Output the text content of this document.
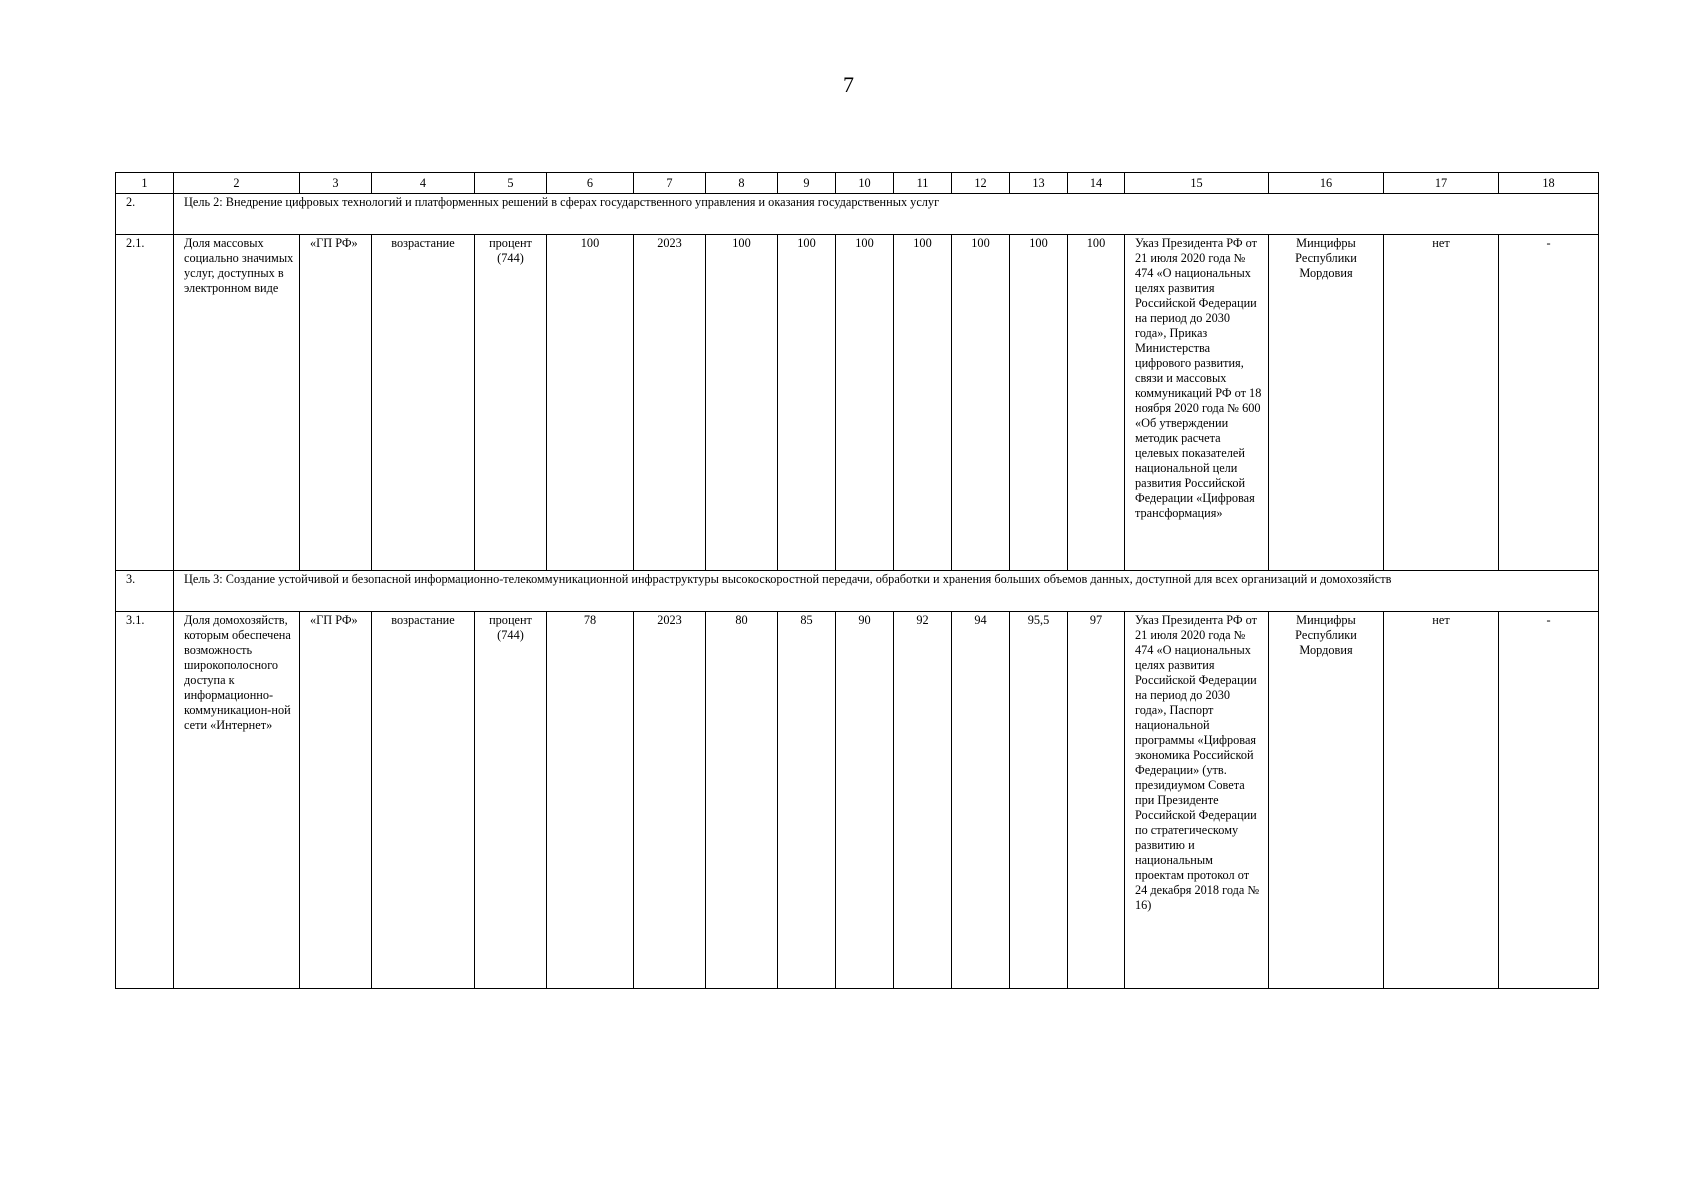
7
1	2	3	4	5	6	7	8	9	10	11	12	13	14	15	16	17	18
2.	Цель 2: Внедрение цифровых технологий и платформенных решений в сферах государственного управления и оказания государственных услуг																
2.1.	Доля массовых социально значимых услуг, доступных в электронном виде	«ГП РФ»	возрастание	процент (744)	100	2023	100	100	100	100	100	100	100	Указ Президента РФ от 21 июля 2020 года № 474 «О национальных целях развития Российской Федерации на период до 2030 года», Приказ Министерства цифрового развития, связи и массовых коммуникаций РФ от 18 ноября 2020 года № 600 «Об утверждении методик расчета целевых показателей национальной цели развития Российской Федерации «Цифровая трансформация»	Минцифры Республики Мордовия	нет	-
3.	Цель 3: Создание устойчивой и безопасной информационно-телекоммуникационной инфраструктуры высокоскоростной передачи, обработки и хранения больших объемов данных, доступной для всех организаций и домохозяйств																
3.1.	Доля домохозяйств, которым обеспечена возможность широкополосного доступа к информационно-коммуникацион-ной сети «Интернет»	«ГП РФ»	возрастание	процент (744)	78	2023	80	85	90	92	94	95,5	97	Указ Президента РФ от 21 июля 2020 года № 474 «О национальных целях развития Российской Федерации на период до 2030 года», Паспорт национальной программы «Цифровая экономика Российской Федерации» (утв. президиумом Совета при Президенте Российской Федерации по стратегическому развитию и национальным проектам протокол от 24 декабря 2018 года № 16)	Минцифры Республики Мордовия	нет	-
